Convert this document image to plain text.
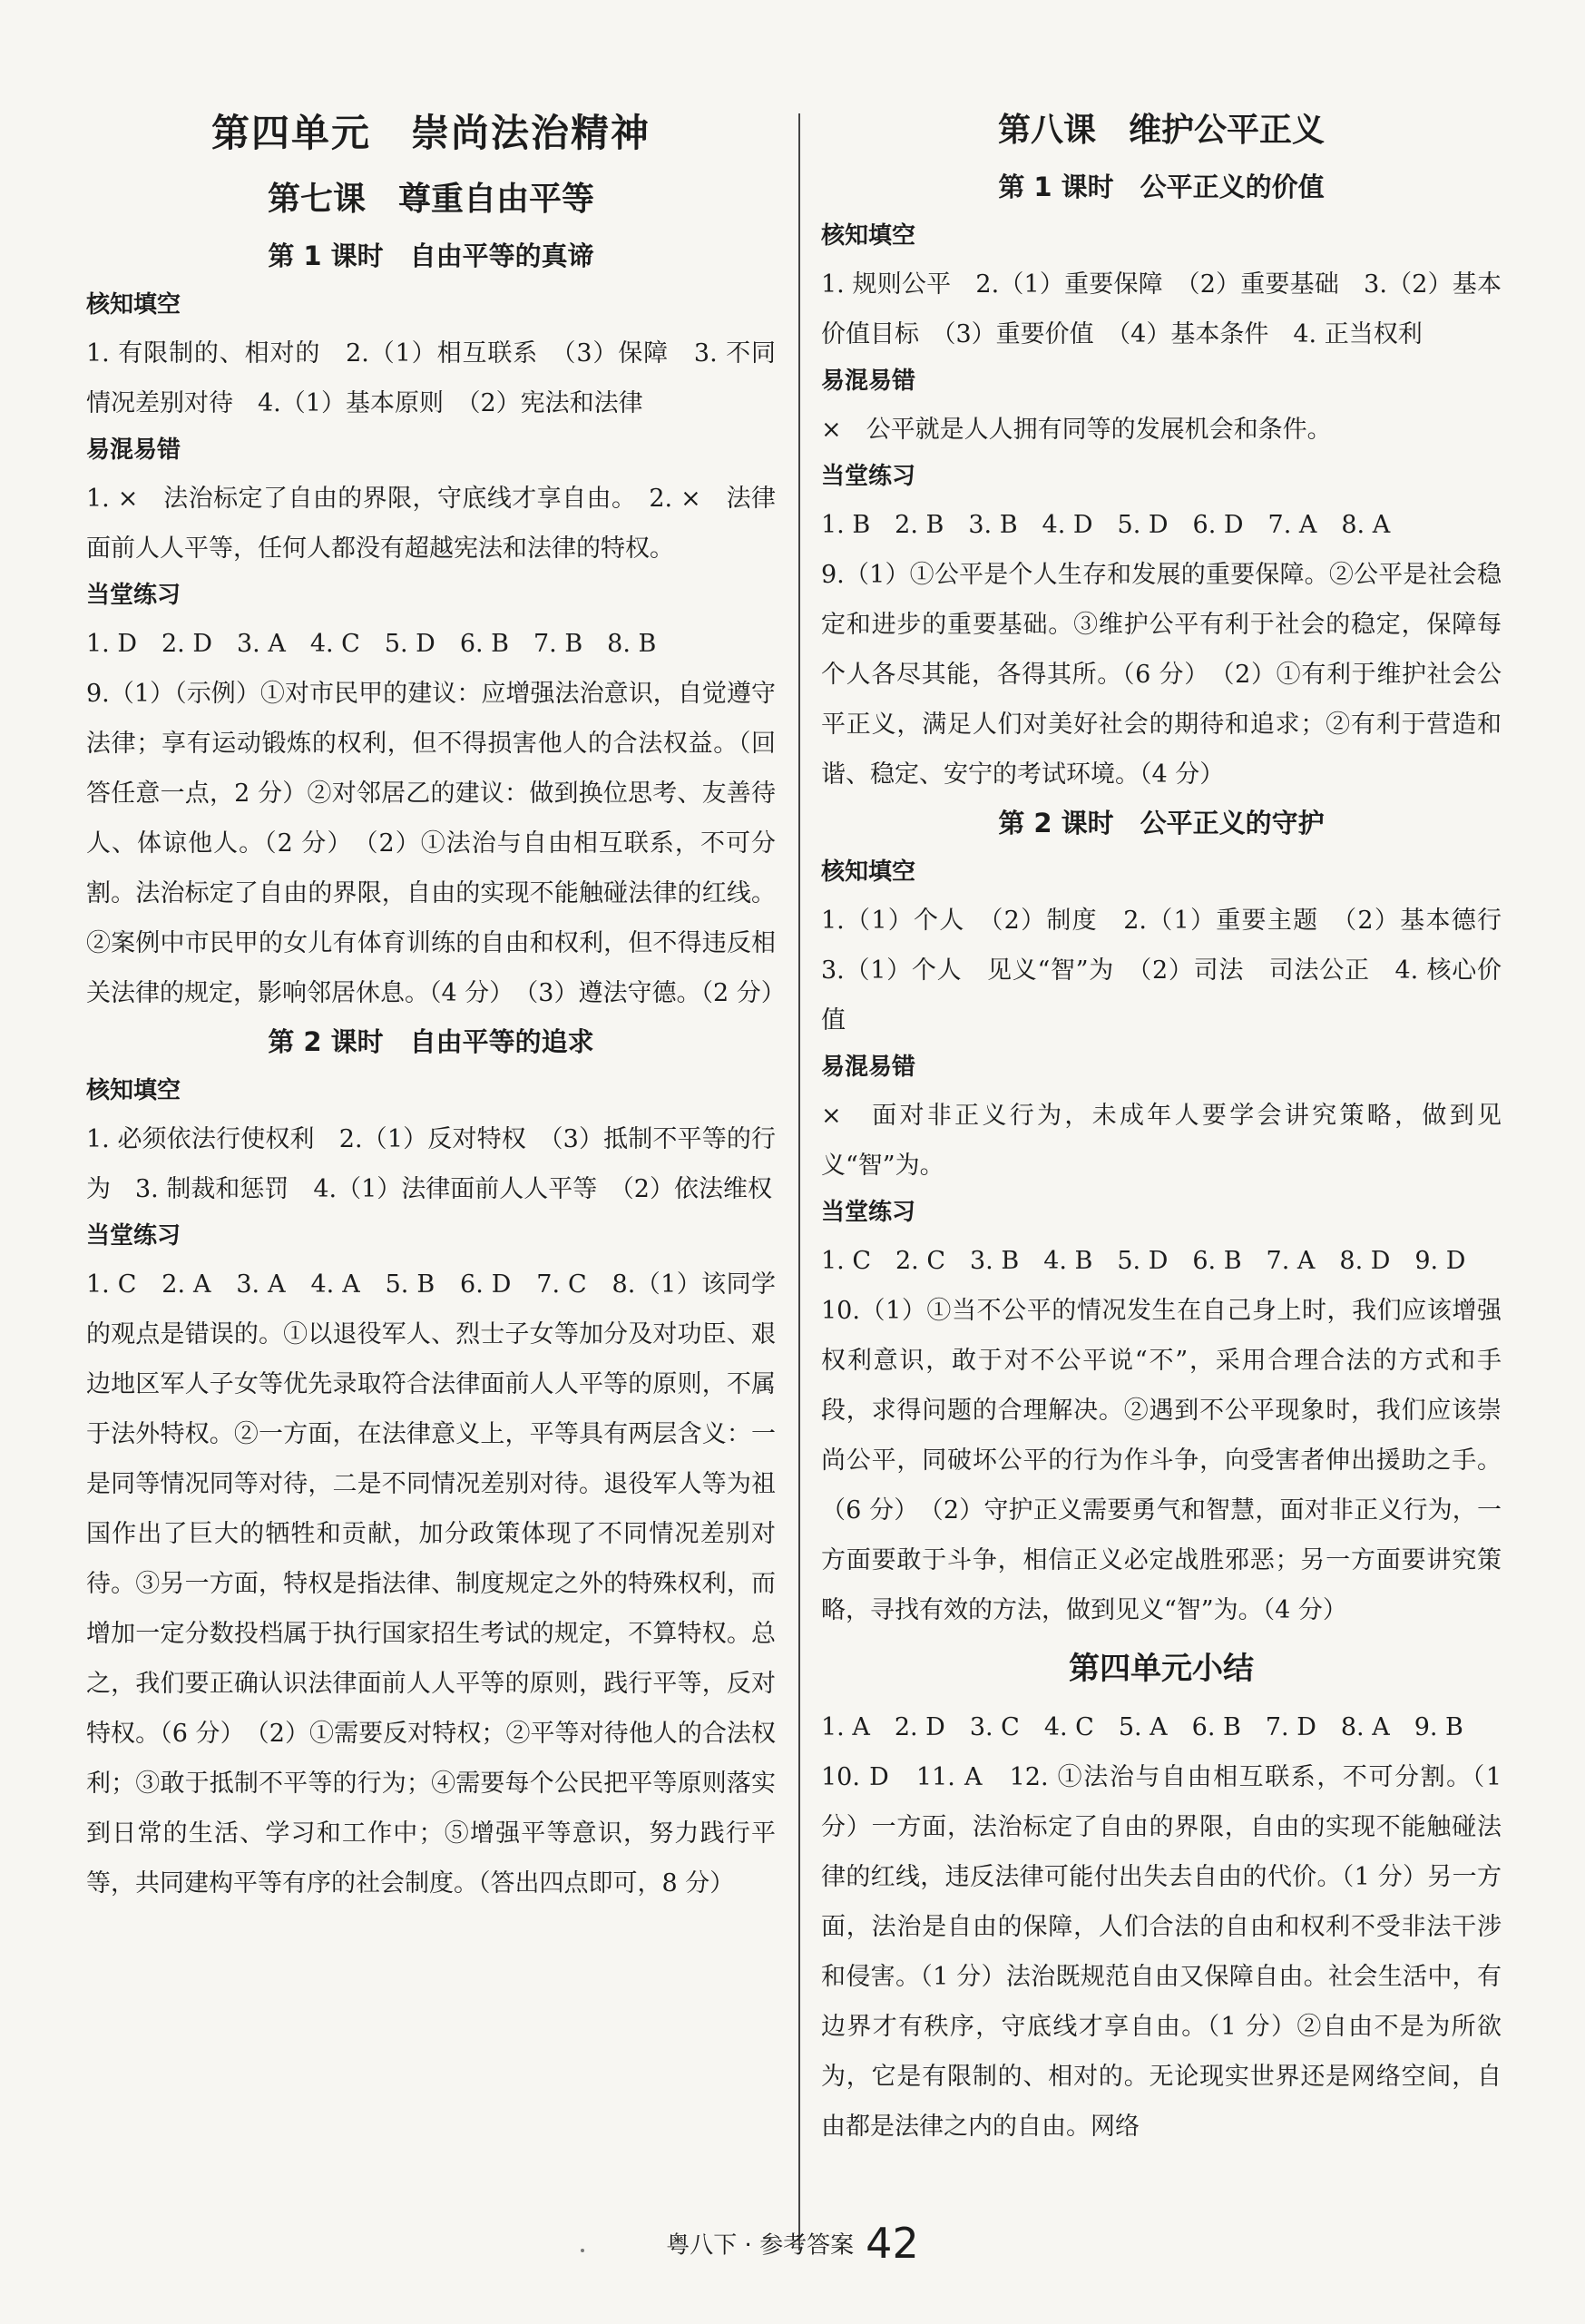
第四单元　崇尚法治精神
第七课　尊重自由平等
第 1 课时　自由平等的真谛
核知填空

1. 有限制的、相对的　2.（1）相互联系　（3）保障　3. 不同情况差别对待　4.（1）基本原则　（2）宪法和法律

易混易错

1. ×　法治标定了自由的界限，守底线才享自由。　2. ×　法律面前人人平等，任何人都没有超越宪法和法律的特权。

当堂练习

1. D　2. D　3. A　4. C　5. D　6. B　7. B　8. B

9.（1）（示例）①对市民甲的建议：应增强法治意识，自觉遵守法律；享有运动锻炼的权利，但不得损害他人的合法权益。（回答任意一点，2 分）②对邻居乙的建议：做到换位思考、友善待人、体谅他人。（2 分）　（2）①法治与自由相互联系，不可分割。法治标定了自由的界限，自由的实现不能触碰法律的红线。②案例中市民甲的女儿有体育训练的自由和权利，但不得违反相关法律的规定，影响邻居休息。（4 分）　（3）遵法守德。（2 分）

第 2 课时　自由平等的追求
核知填空

1. 必须依法行使权利　2.（1）反对特权　（3）抵制不平等的行为　3. 制裁和惩罚　4.（1）法律面前人人平等　（2）依法维权

当堂练习

1. C　2. A　3. A　4. A　5. B　6. D　7. C　8.（1）该同学的观点是错误的。①以退役军人、烈士子女等加分及对功臣、艰边地区军人子女等优先录取符合法律面前人人平等的原则，不属于法外特权。②一方面，在法律意义上，平等具有两层含义：一是同等情况同等对待，二是不同情况差别对待。退役军人等为祖国作出了巨大的牺牲和贡献，加分政策体现了不同情况差别对待。③另一方面，特权是指法律、制度规定之外的特殊权利，而增加一定分数投档属于执行国家招生考试的规定，不算特权。总之，我们要正确认识法律面前人人平等的原则，践行平等，反对特权。（6 分）　（2）①需要反对特权；②平等对待他人的合法权利；③敢于抵制不平等的行为；④需要每个公民把平等原则落实到日常的生活、学习和工作中；⑤增强平等意识，努力践行平等，共同建构平等有序的社会制度。（答出四点即可，8 分）

第八课　维护公平正义
第 1 课时　公平正义的价值
核知填空

1. 规则公平　2.（1）重要保障　（2）重要基础　3.（2）基本价值目标　（3）重要价值　（4）基本条件　4. 正当权利

易混易错

×　公平就是人人拥有同等的发展机会和条件。

当堂练习

1. B　2. B　3. B　4. D　5. D　6. D　7. A　8. A

9.（1）①公平是个人生存和发展的重要保障。②公平是社会稳定和进步的重要基础。③维护公平有利于社会的稳定，保障每个人各尽其能，各得其所。（6 分）　（2）①有利于维护社会公平正义，满足人们对美好社会的期待和追求；②有利于营造和谐、稳定、安宁的考试环境。（4 分）

第 2 课时　公平正义的守护
核知填空

1.（1）个人　（2）制度　2.（1）重要主题　（2）基本德行　3.（1）个人　见义“智”为　（2）司法　司法公正　4. 核心价值

易混易错

×　面对非正义行为，未成年人要学会讲究策略，做到见义“智”为。

当堂练习

1. C　2. C　3. B　4. B　5. D　6. B　7. A　8. D　9. D

10.（1）①当不公平的情况发生在自己身上时，我们应该增强权利意识，敢于对不公平说“不”，采用合理合法的方式和手段，求得问题的合理解决。②遇到不公平现象时，我们应该崇尚公平，同破坏公平的行为作斗争，向受害者伸出援助之手。（6 分）　（2）守护正义需要勇气和智慧，面对非正义行为，一方面要敢于斗争，相信正义必定战胜邪恶；另一方面要讲究策略，寻找有效的方法，做到见义“智”为。（4 分）

第四单元小结

1. A　2. D　3. C　4. C　5. A　6. B　7. D　8. A　9. B

10. D　11. A　12. ①法治与自由相互联系，不可分割。（1 分）一方面，法治标定了自由的界限，自由的实现不能触碰法律的红线，违反法律可能付出失去自由的代价。（1 分）另一方面，法治是自由的保障，人们合法的自由和权利不受非法干涉和侵害。（1 分）法治既规范自由又保障自由。社会生活中，有边界才有秩序，守底线才享自由。（1 分）②自由不是为所欲为，它是有限制的、相对的。无论现实世界还是网络空间，自由都是法律之内的自由。网络

粤八下 · 参考答案 42
